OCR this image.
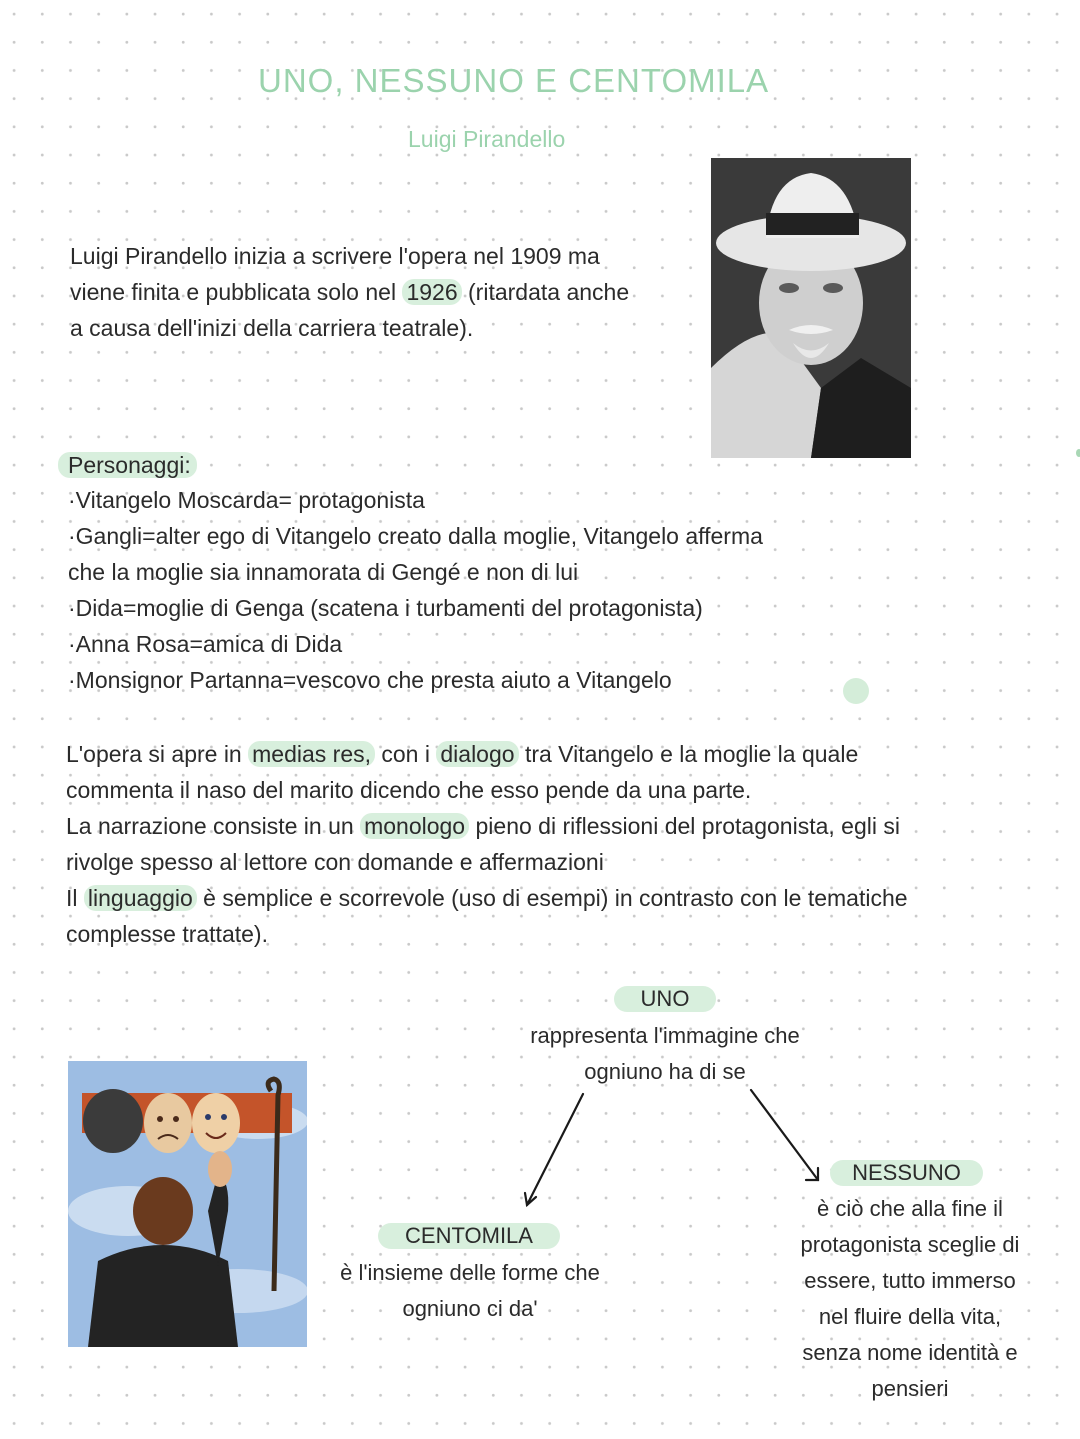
UNO, NESSUNO E CENTOMILA
Luigi Pirandello
Luigi Pirandello inizia a scrivere l'opera nel 1909 ma
viene finita e pubblicata solo nel 1926 (ritardata anche
a causa dell'inizi della carriera teatrale).
Personaggi:
·Vitangelo Moscarda= protagonista
·Gangli=alter ego di Vitangelo creato dalla moglie, Vitangelo afferma
che la moglie sia innamorata di Gengé e non di lui
·Dida=moglie di Genga (scatena i turbamenti del protagonista)
·Anna Rosa=amica di Dida
·Monsignor Partanna=vescovo che presta aiuto a Vitangelo
L'opera si apre in medias res, con i dialogo tra Vitangelo e la moglie la quale
commenta il naso del marito dicendo che esso pende da una parte.
La narrazione consiste in un monologo pieno di riflessioni del protagonista, egli si
rivolge spesso al lettore con domande e affermazioni
Il linguaggio è semplice e scorrevole (uso di esempi) in contrasto con le tematiche
complesse trattate).
UNO
rappresenta l'immagine che
ogniuno ha di se
CENTOMILA
è l'insieme delle forme che
ogniuno ci da'
NESSUNO
è ciò che alla fine il
protagonista sceglie di
essere, tutto immerso
nel fluire della vita,
senza nome identità e
pensieri
